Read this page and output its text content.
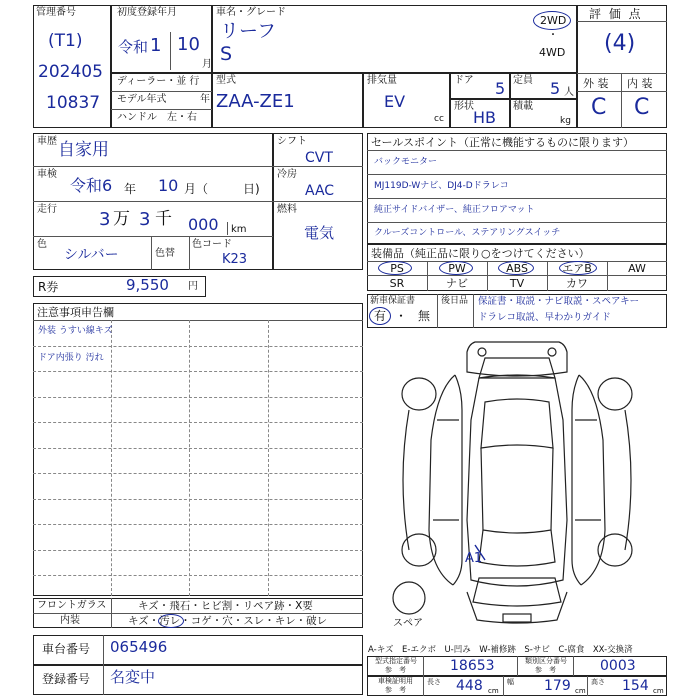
管理番号
(T1)
202405
10837
初度登録年月
令和 1 10
月
車名・グレード
リーフ
S
2WD
・
4WD
評 価 点
(4)
外 装 内 装
C C
ディーラー・並 行
モデル年式	年
ハンドル　左・右
型式
ZAA-ZE1
排気量
EV
cc
ドア 5 定員 5 人
形状
HB
積載
kg
車歴 自家用
車検
令和6 年 10 月（	日)
走行 3 万 3 千 000 km
色
シルバー	色替
色コード
K23
シフト
CVT
冷房
AAC
燃料
電気
R券	9,550 円
セールスポイント（正常に機能するものに限ります）
バックモニター
MJ119D-Wナビ、DJ4-Dドラレコ
純正サイドバイザー、純正フロアマット
クルーズコントロール、ステアリングスイッチ
装備品（純正品に限り○をつけてください）
PS	PW	ABS	エアB	AW
SR	ナビ	TV	カワ
新車保証書
有 ・ 無
後日品 保証書・取説・ナビ取説・スペアキー
ドラレコ取説、早わかりガイド
注意事項申告欄
外装 うすい線キズ
ドア内張り 汚れ
A1
スペア
フロントガラス	キズ・飛石・ヒビ割・リペア跡・X要
内装	キズ・汚レ・コゲ・穴・スレ・キレ・破レ
車台番号 065496
登録番号 名変中
A-キズ　E-エクボ　U-凹み　W-補修跡　S-サビ　C-腐食　XX-交換済
型式指定番号
参　考	18653	類別区分番号
参　考	0003
車検証明用
参　考
長さ 448 cm
幅 179 cm
高さ 154 cm
